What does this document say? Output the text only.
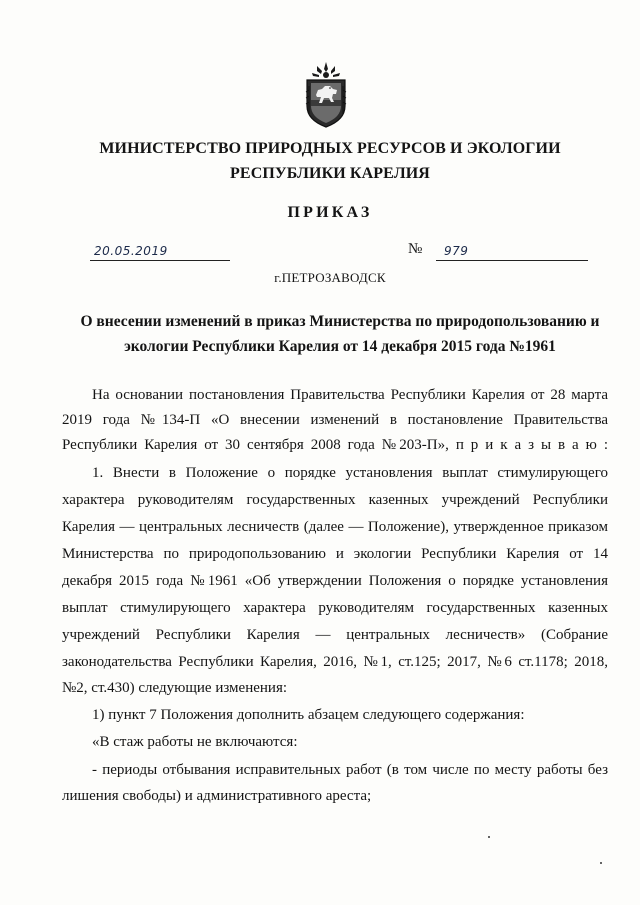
МИНИСТЕРСТВО ПРИРОДНЫХ РЕСУРСОВ И ЭКОЛОГИИ
РЕСПУБЛИКИ КАРЕЛИЯ
ПРИКАЗ
20.05.2019	№ 979
г.ПЕТРОЗАВОДСК
О внесении изменений в приказ Министерства по природопользованию и
экологии Республики Карелия от 14 декабря 2015 года №1961
На основании постановления Правительства Республики Карелия от 28 марта
2019 года №134-П «О внесении изменений в постановление Правительства
Республики Карелия от 30 сентября 2008 года №203-П», п р и к а з ы в а ю :
1. Внести в Положение о порядке установления выплат стимулирующего
характера руководителям государственных казенных учреждений Республики
Карелия — центральных лесничеств (далее — Положение), утвержденное приказом
Министерства по природопользованию и экологии Республики Карелия от 14
декабря 2015 года №1961 «Об утверждении Положения о порядке установления
выплат стимулирующего характера руководителям государственных казенных
учреждений Республики Карелия — центральных лесничеств» (Собрание
законодательства Республики Карелия, 2016, №1, ст.125; 2017, №6 ст.1178; 2018,
№2, ст.430) следующие изменения:
1) пункт 7 Положения дополнить абзацем следующего содержания:
«В стаж работы не включаются:
- периоды отбывания исправительных работ (в том числе по месту работы без
лишения свободы) и административного ареста;
